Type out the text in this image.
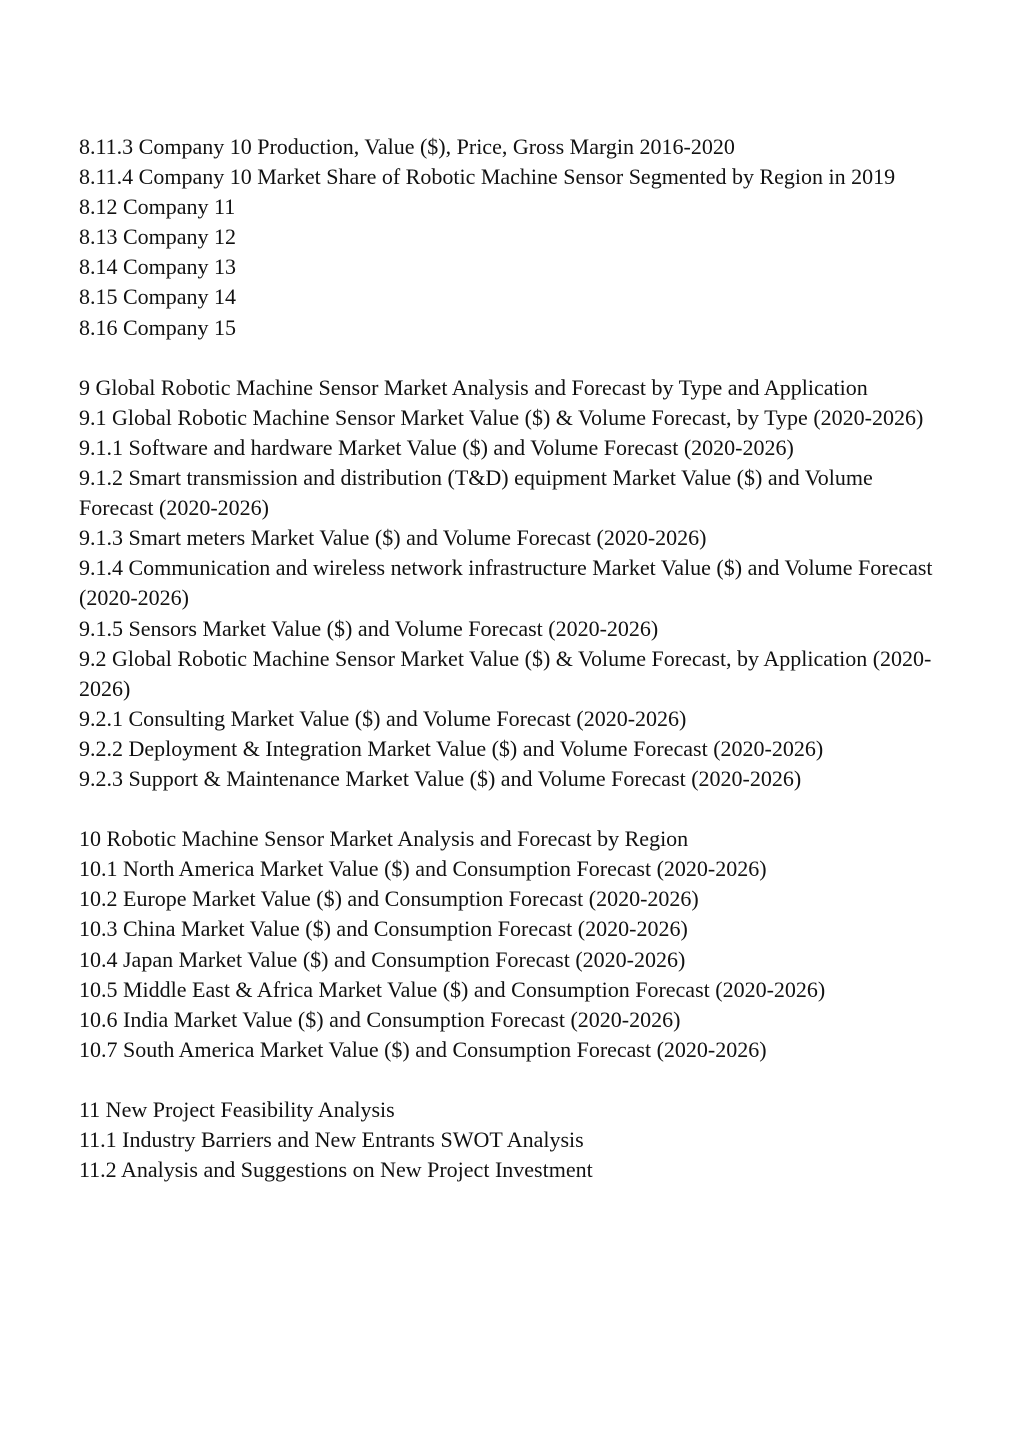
8.11.3 Company 10 Production, Value ($), Price, Gross Margin 2016-2020
8.11.4 Company 10 Market Share of Robotic Machine Sensor Segmented by Region in 2019
8.12 Company 11
8.13 Company 12
8.14 Company 13
8.15 Company 14
8.16 Company 15
9 Global Robotic Machine Sensor Market Analysis and Forecast by Type and Application
9.1 Global Robotic Machine Sensor Market Value ($) & Volume Forecast, by Type (2020-2026)
9.1.1 Software and hardware Market Value ($) and Volume Forecast (2020-2026)
9.1.2 Smart transmission and distribution (T&D) equipment Market Value ($) and Volume Forecast (2020-2026)
9.1.3 Smart meters Market Value ($) and Volume Forecast (2020-2026)
9.1.4 Communication and wireless network infrastructure Market Value ($) and Volume Forecast (2020-2026)
9.1.5 Sensors Market Value ($) and Volume Forecast (2020-2026)
9.2 Global Robotic Machine Sensor Market Value ($) & Volume Forecast, by Application (2020-2026)
9.2.1 Consulting Market Value ($) and Volume Forecast (2020-2026)
9.2.2 Deployment & Integration Market Value ($) and Volume Forecast (2020-2026)
9.2.3 Support & Maintenance Market Value ($) and Volume Forecast (2020-2026)
10 Robotic Machine Sensor Market Analysis and Forecast by Region
10.1 North America Market Value ($) and Consumption Forecast (2020-2026)
10.2 Europe Market Value ($) and Consumption Forecast (2020-2026)
10.3 China Market Value ($) and Consumption Forecast (2020-2026)
10.4 Japan Market Value ($) and Consumption Forecast (2020-2026)
10.5 Middle East & Africa Market Value ($) and Consumption Forecast (2020-2026)
10.6 India Market Value ($) and Consumption Forecast (2020-2026)
10.7 South America Market Value ($) and Consumption Forecast (2020-2026)
11 New Project Feasibility Analysis
11.1 Industry Barriers and New Entrants SWOT Analysis
11.2 Analysis and Suggestions on New Project Investment
